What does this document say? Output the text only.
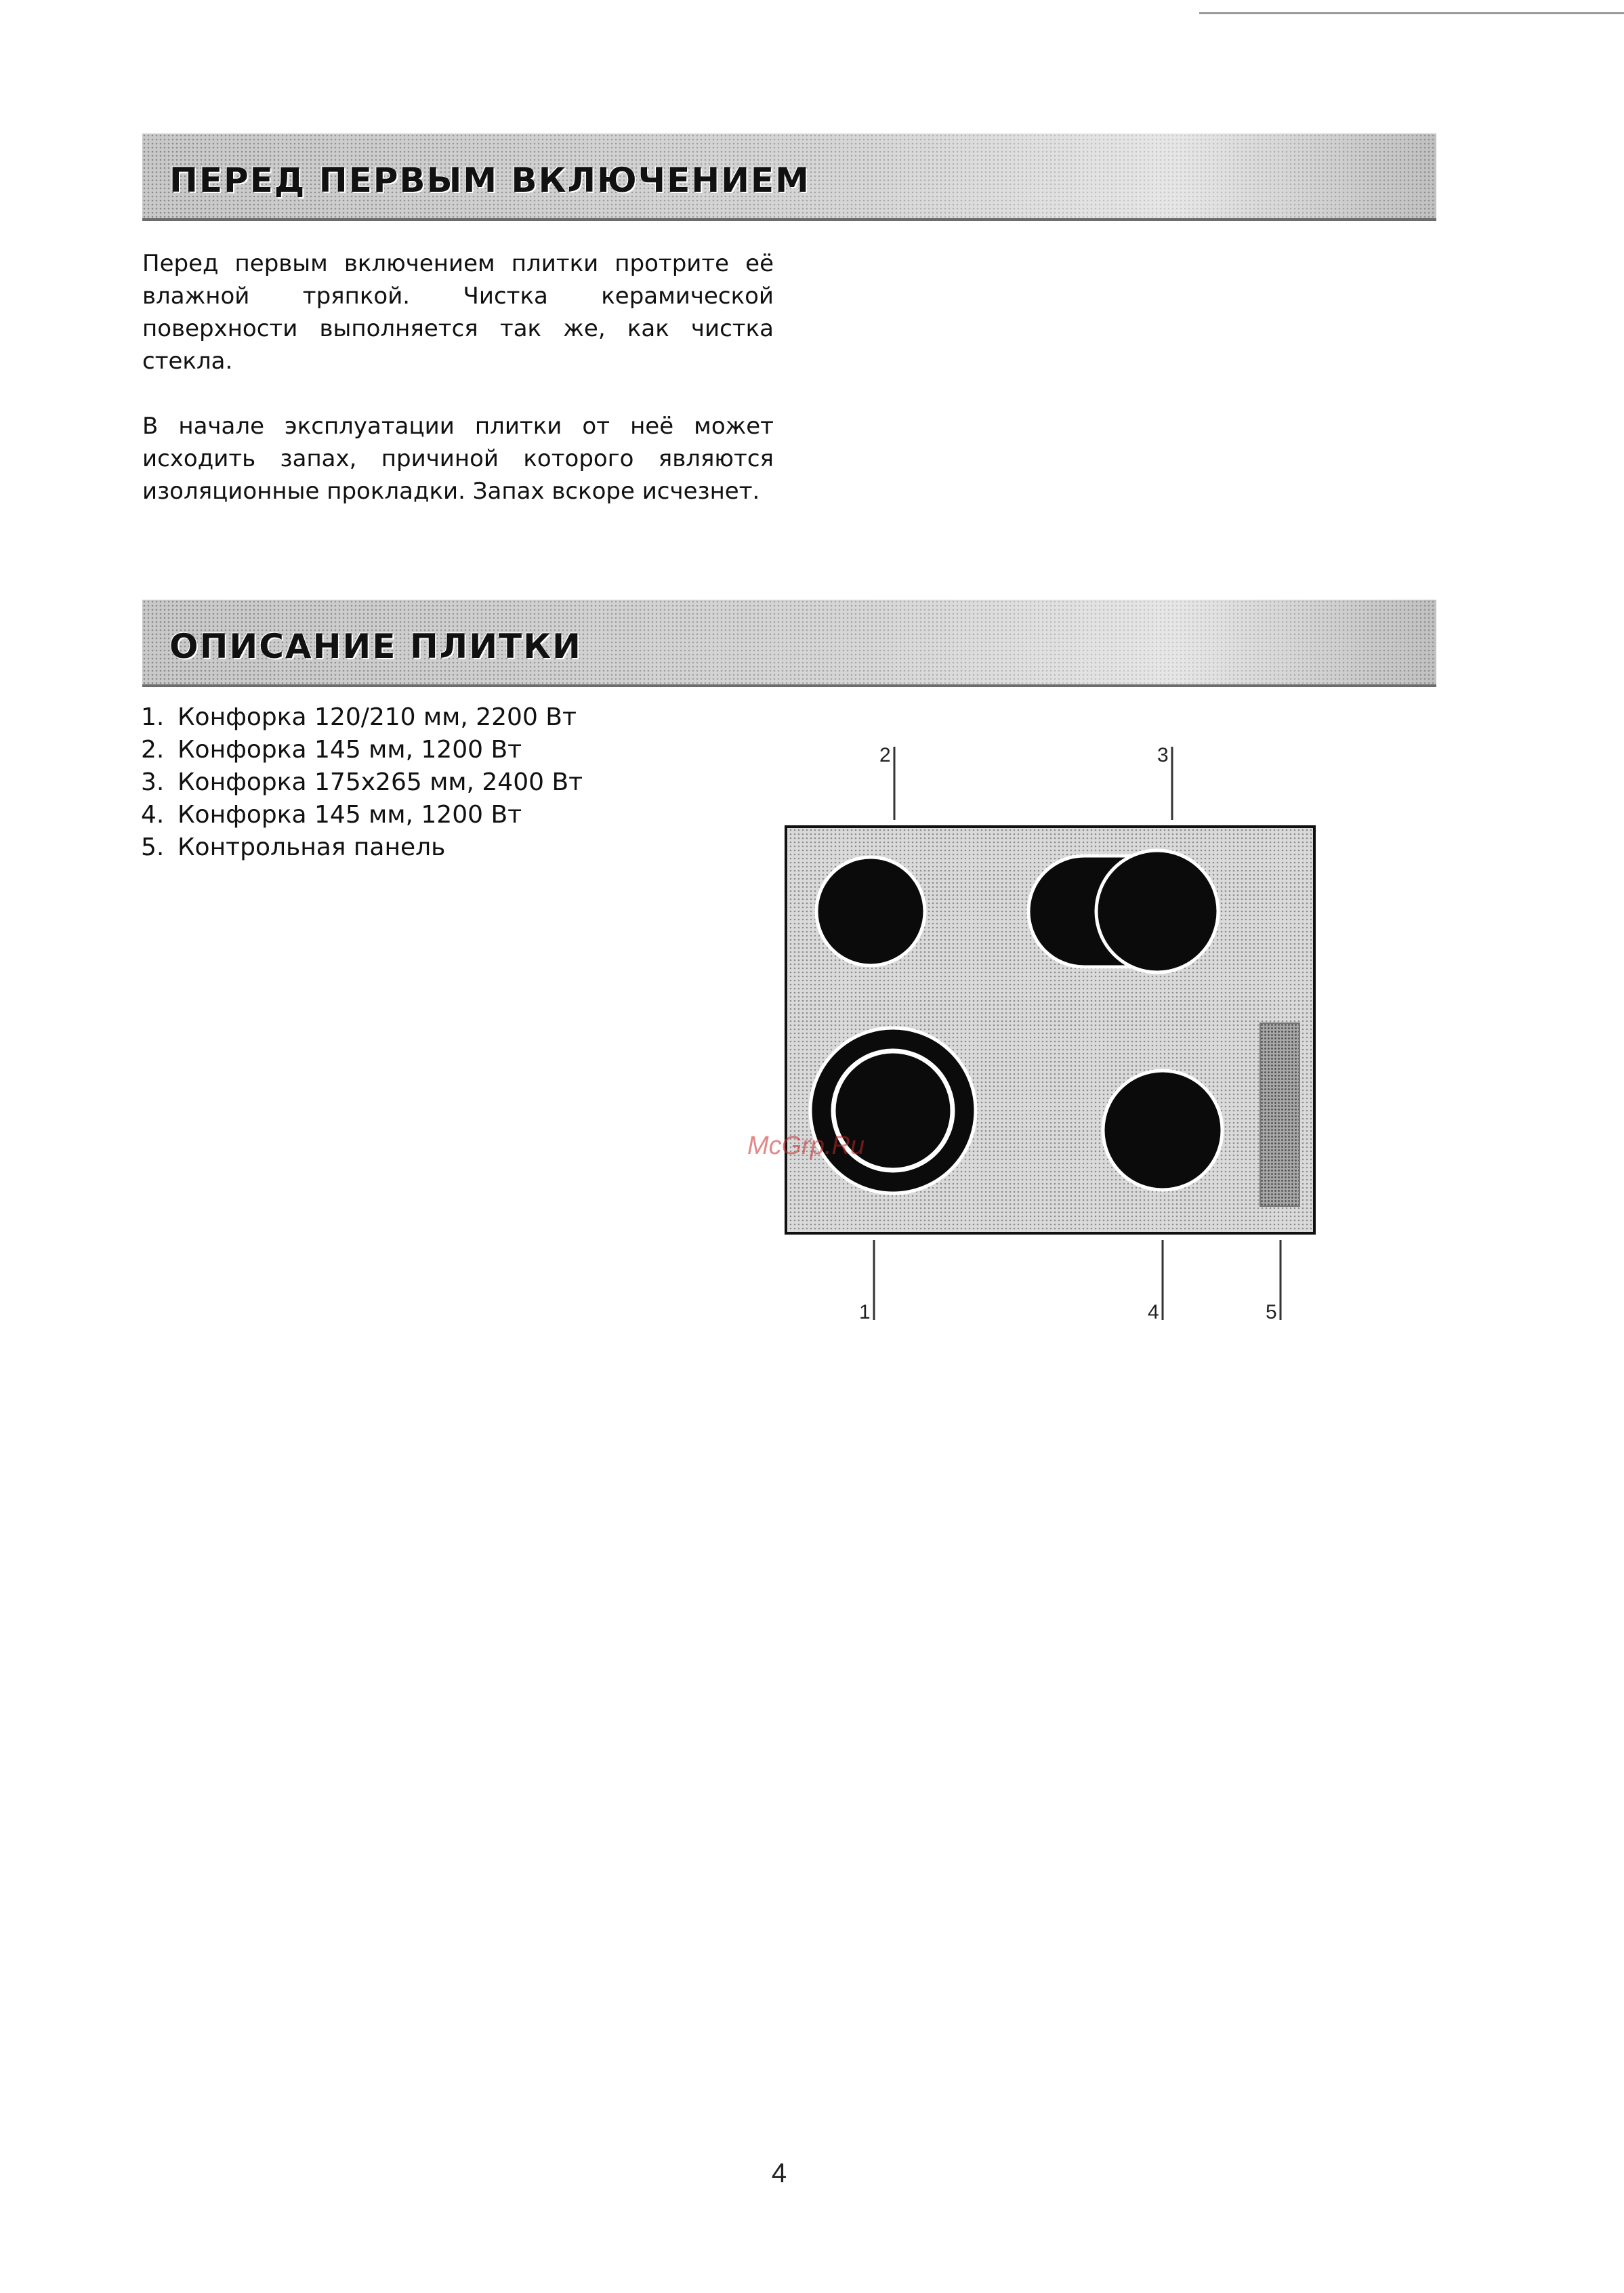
ПЕРЕД ПЕРВЫМ ВКЛЮЧЕНИЕМ

Перед первым включением плитки протрите её влажной тряпкой. Чистка керамической поверхности выполняется так же, как чистка стекла.

В начале эксплуатации плитки от неё может исходить запах, причиной которого являются изоляционные прокладки. Запах вскоре исчезнет.

ОПИСАНИЕ ПЛИТКИ
1. Конфорка 120/210 мм, 2200 Вт
2. Конфорка 145 мм, 1200 Вт
3. Конфорка 175x265 мм, 2400 Вт
4. Конфорка 145 мм, 1200 Вт
5. Контрольная панель
2	3
1	4	5
McGrp.Ru
4
